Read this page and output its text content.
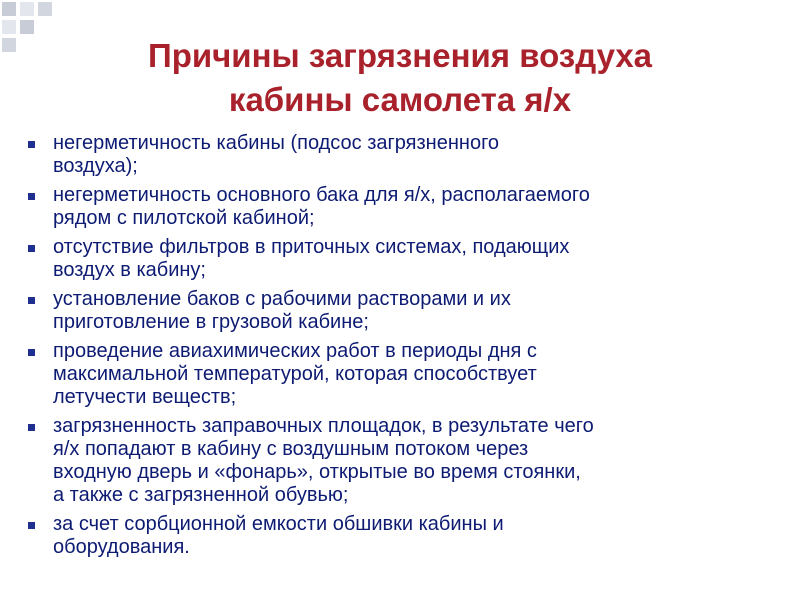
Причины загрязнения воздуха
кабины самолета я/х
негерметичность кабины (подсос загрязненного
воздуха);
негерметичность основного бака для я/х, располагаемого
рядом с пилотской кабиной;
отсутствие фильтров в приточных системах, подающих
воздух в кабину;
установление баков с рабочими растворами и их
приготовление в грузовой кабине;
проведение авиахимических работ в периоды дня с
максимальной температурой, которая способствует
летучести веществ;
загрязненность заправочных площадок, в результате чего
я/х попадают в кабину с воздушным потоком через
входную дверь и «фонарь», открытые во время стоянки,
а также с загрязненной обувью;
за счет сорбционной емкости обшивки кабины и
оборудования.
